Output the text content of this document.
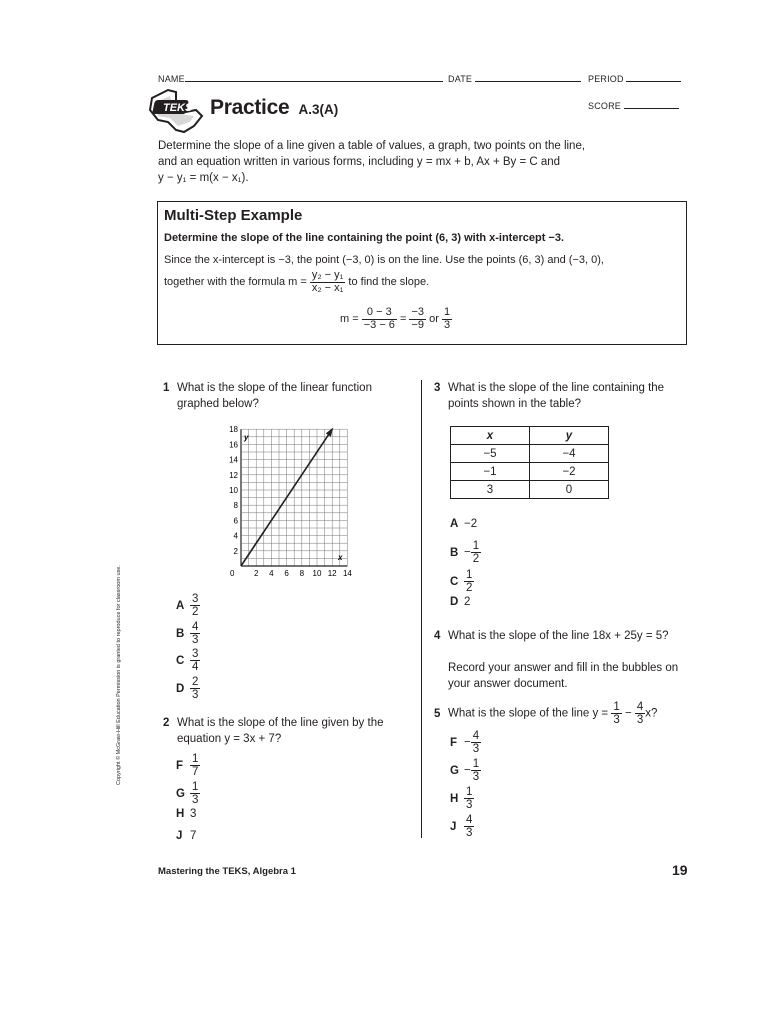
NAME	DATE	PERIOD
SCORE
TEKS Practice A.3(A)
Determine the slope of a line given a table of values, a graph, two points on the line,
and an equation written in various forms, including y = mx + b, Ax + By = C and
y − y₁ = m(x − x₁).
Multi-Step Example
Determine the slope of the line containing the point (6, 3) with x-intercept −3.
Since the x-intercept is −3, the point (−3, 0) is on the line. Use the points (6, 3) and (−3, 0),
together with the formula $m = \frac{\text{y₂ − y₁}}{\text{x₂ − x₁}}$ to find the slope.
$m = \frac{0 - 3}{-3 - 6} = \frac{-3}{-9}$ or $\frac{1}{3}$
1 What is the slope of the linear function
graphed below?
2
4
6
8
10
12
14
16
18
2 4 6 8 10 12 14
y
x
0
A $\frac{3}{2}$
B $\frac{4}{3}$
C $\frac{3}{4}$
D $\frac{2}{3}$
2 What is the slope of the line given by the
equation y = 3x + 7?
F $\frac{1}{7}$
G $\frac{1}{3}$
H 3
J 7
3 What is the slope of the line containing the
points shown in the table?
x	y
−5	−4
−1	−2
3	0
A −2
$B - \frac{1}{2}$
C $\frac{1}{2}$
D 2
4 What is the slope of the line 18x + 25y = 5?
Record your answer and fill in the bubbles on
your answer document.
5 What is the slope of the line $y = \frac{1}{3} - \frac{4}{3} x$?
$F - \frac{4}{3}$
$G - \frac{1}{3}$
H $\frac{1}{3}$
J $\frac{4}{3}$
Copyright © McGraw-Hill Education Permission is granted to reproduce for classroom use.
Mastering the TEKS, Algebra 1	19
